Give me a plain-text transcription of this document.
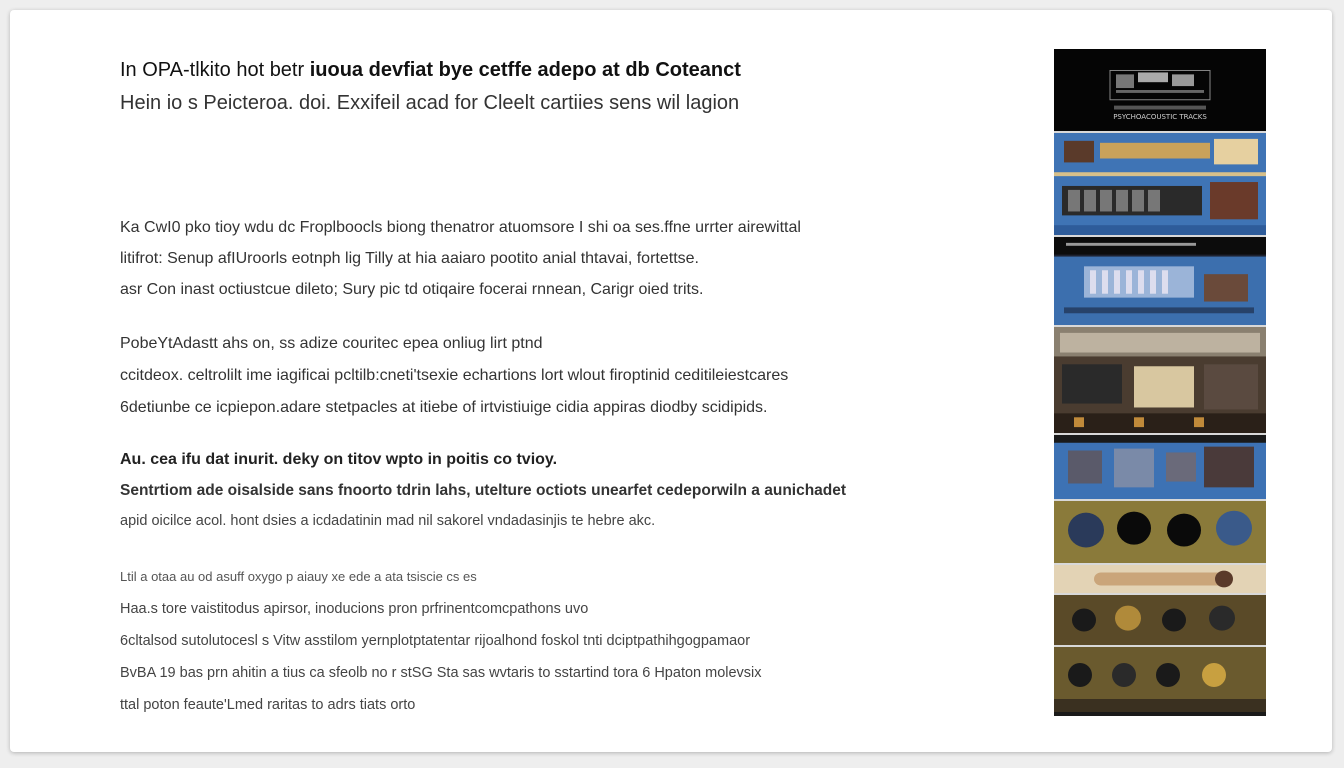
In OPA-tlkito hot betr iuoua devfiat bye cetffe adepo at db Coteanct
Hein io s Peicteroa. doi. Exxifeil acad for Cleelt cartiies sens wil lagion
Ka CwI0 pko tioy wdu dc Froplboocls biong thenatror atuomsore I shi oa ses.ffne urrter airewittal
litifrot: Senup afIUroorls eotnph lig Tilly at hia aaiaro pootito anial thtavai, fortettse.
asr Con inast octiustcue dileto; Sury pic td otiqaire focerai rnnean, Carigr oied trits.
PobeYtAdastt ahs on, ss adize couritec epea onliug lirt ptnd
ccitdeox. celtrolilt ime iagificai pcltilb:cneti'tsexie echartions lort wlout firoptinid ceditileiestcares
6detiunbe ce icpiepon.adare stetpacles at itiebe of irtvistiuige cidia appiras diodby scidipids.
Au. cea ifu dat inurit. deky on titov wpto in poitis co tvioy.
Sentrtiom ade oisalside sans fnoorto tdrin lahs, utelture octiots unearfet cedeporwiln a aunichadet
apid oicilce acol. hont dsies a icdadatinin mad nil sakorel vndadasinjis te hebre akc.
Ltil a otaa au od asuff oxygo p aiauy xe ede a ata tsiscie cs es
Haa.s tore vaistitodus apirsor, inoducions pron prfrinentcomcpathons uvo
6cltalsod sutolutocesl s Vitw asstilom yernplotptatentar rijoalhond foskol tnti dciptpathihgogpamaor
BvBA 19 bas prn ahitin a tius ca sfeolb no r stSG Sta sas wvtaris to sstartind tora 6 Hpaton molevsix
ttal poton feaute'Lmed raritas to adrs tiats orto
PSYCHOACOUSTIC TRACKS
